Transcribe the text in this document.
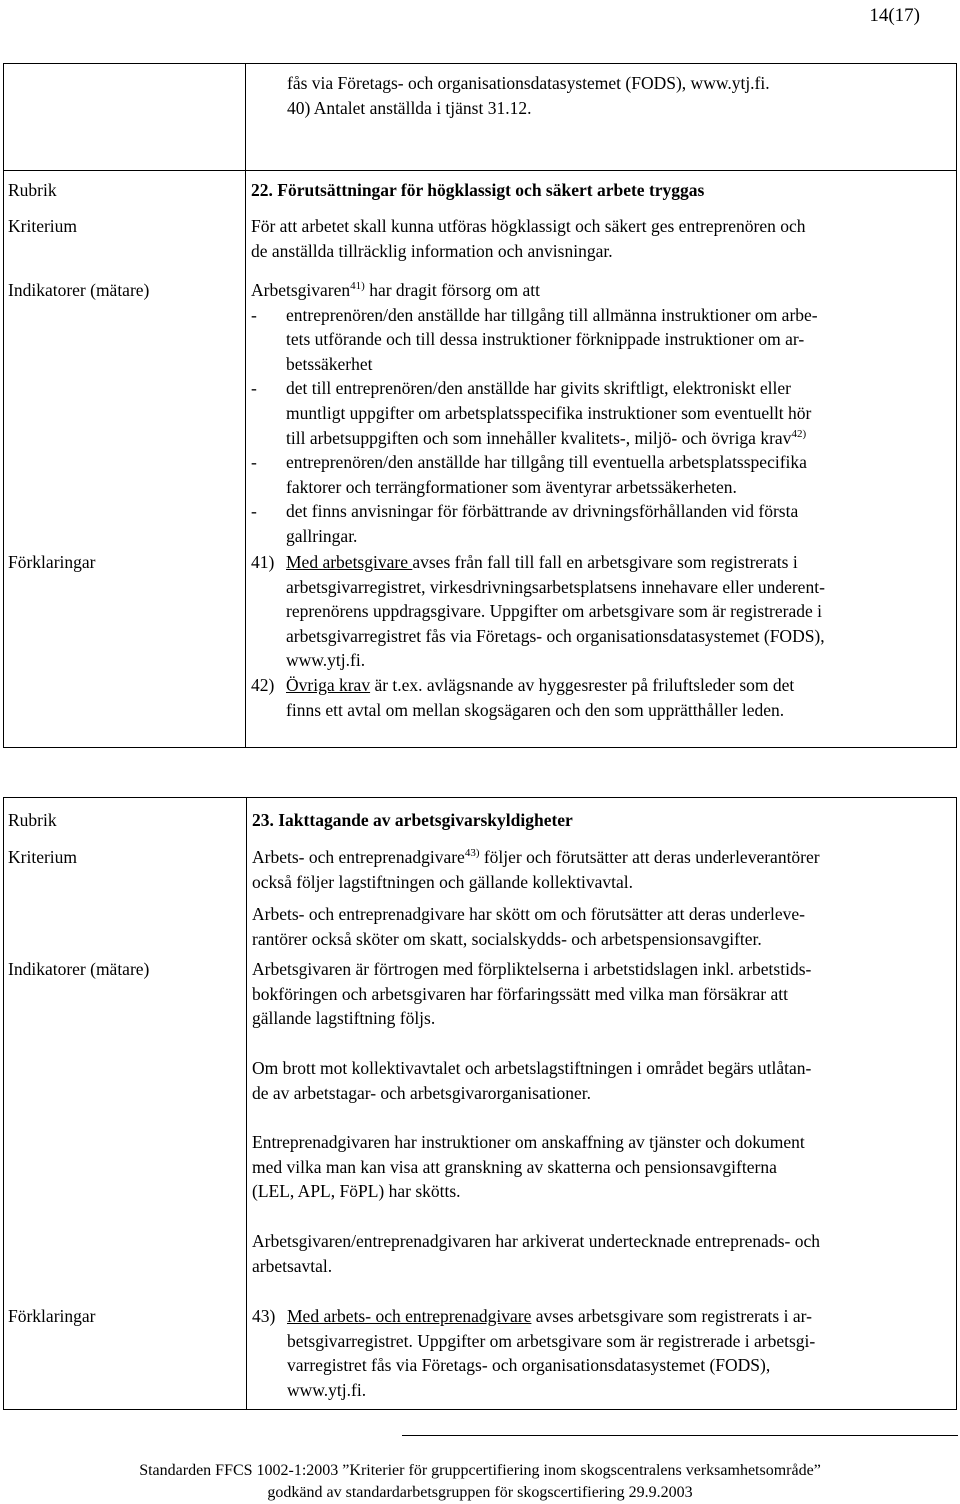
14(17)
fås via Företags- och organisationsdatasystemet (FODS), www.ytj.fi.
40) Antalet anställda i tjänst 31.12.
Rubrik
Kriterium
Indikatorer (mätare)
Förklaringar
22. Förutsättningar för högklassigt och säkert arbete tryggas
För att arbetet skall kunna utföras högklassigt och säkert ges entreprenören och
de anställda tillräcklig information och anvisningar.
Arbetsgivaren$^{41)}$ har dragit försorg om att
- entreprenören/den anställde har tillgång till allmänna instruktioner om arbe-
tets utförande och till dessa instruktioner förknippade instruktioner om ar-
betssäkerhet
- det till entreprenören/den anställde har givits skriftligt, elektroniskt eller
muntligt uppgifter om arbetsplatsspecifika instruktioner som eventuellt hör
till arbetsuppgiften och som innehåller kvalitets-, miljö- och övriga krav$^{42)}$
- entreprenören/den anställde har tillgång till eventuella arbetsplatsspecifika
faktorer och terrängformationer som äventyrar arbetssäkerheten.
- det finns anvisningar för förbättrande av drivningsförhållanden vid första
gallringar.
41) Med arbetsgivare avses från fall till fall en arbetsgivare som registrerats i
arbetsgivarregistret, virkesdrivningsarbetsplatsens innehavare eller underent-
reprenörens uppdragsgivare. Uppgifter om arbetsgivare som är registrerade i
arbetsgivarregistret fås via Företags- och organisationsdatasystemet (FODS),
www.ytj.fi.
42) Övriga krav är t.ex. avlägsnande av hyggesrester på friluftsleder som det
finns ett avtal om mellan skogsägaren och den som upprätthåller leden.
Rubrik
Kriterium
Indikatorer (mätare)
Förklaringar
23. Iakttagande av arbetsgivarskyldigheter
Arbets- och entreprenadgivare$^{43)}$ följer och förutsätter att deras underleverantörer
också följer lagstiftningen och gällande kollektivavtal.
Arbets- och entreprenadgivare har skött om och förutsätter att deras underleve-
rantörer också sköter om skatt, socialskydds- och arbetspensionsavgifter.
Arbetsgivaren är förtrogen med förpliktelserna i arbetstidslagen inkl. arbetstids-
bokföringen och arbetsgivaren har förfaringssätt med vilka man försäkrar att
gällande lagstiftning följs.
Om brott mot kollektivavtalet och arbetslagstiftningen i området begärs utlåtan-
de av arbetstagar- och arbetsgivarorganisationer.
Entreprenadgivaren har instruktioner om anskaffning av tjänster och dokument
med vilka man kan visa att granskning av skatterna och pensionsavgifterna
(LEL, APL, FöPL) har skötts.
Arbetsgivaren/entreprenadgivaren har arkiverat undertecknade entreprenads- och
arbetsavtal.
43) Med arbets- och entreprenadgivare avses arbetsgivare som registrerats i ar-
betsgivarregistret. Uppgifter om arbetsgivare som är registrerade i arbetsgi-
varregistret fås via Företags- och organisationsdatasystemet (FODS),
www.ytj.fi.
Standarden FFCS 1002-1:2003 ”Kriterier för gruppcertifiering inom skogscentralens verksamhetsområde”
godkänd av standardarbetsgruppen för skogscertifiering 29.9.2003
